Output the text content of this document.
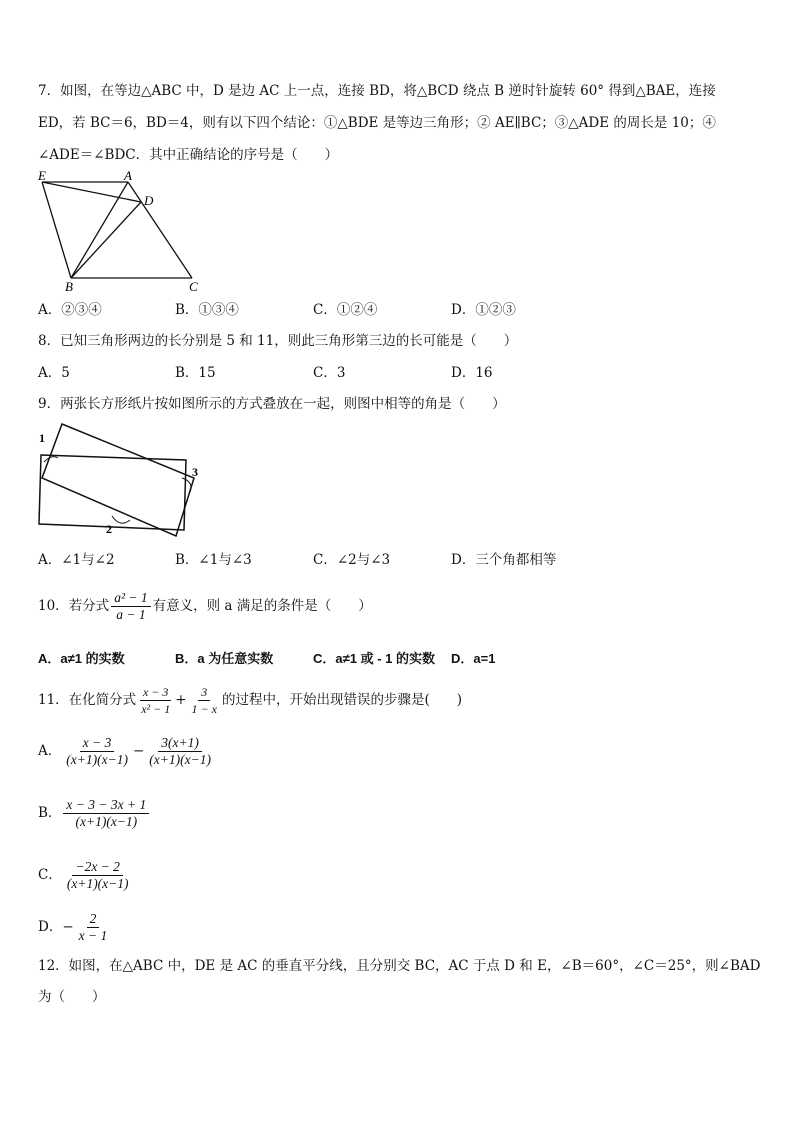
7．如图，在等边△ABC 中，D 是边 AC 上一点，连接 BD，将△BCD 绕点 B 逆时针旋转 60° 得到△BAE，连接
ED，若 BC＝6，BD＝4，则有以下四个结论：①△BDE 是等边三角形；② AE∥BC；③△ADE 的周长是 10；④
∠ADE＝∠BDC．其中正确结论的序号是（　　）
E	A
D
B	C
A．②③④	B．①③④	C．①②④	D．①②③
8．已知三角形两边的长分别是 5 和 11，则此三角形第三边的长可能是（　　）
A．5	B．15	C．3	D．16
9．两张长方形纸片按如图所示的方式叠放在一起，则图中相等的角是（　　）
1
2
3
A．∠1与∠2	B．∠1与∠3	C．∠2与∠3	D．三个角都相等
10．若分式 $\frac{\text{a² − 1}}{a - 1}$ 有意义，则 a 满足的条件是（　　）
A．a≠1 的实数	B．a 为任意实数	C．a≠1 或 - 1 的实数 D．a=1
11．在化简分式 $\frac{x - 3}{\text{x² − 1}} + \frac{3}{1 - x}$ 的过程中，开始出现错误的步骤是(　　)
A． $\frac{x - 3}{(x+1)(x-1)} - \frac{3(x+1)}{(x+1)(x-1)}$
B． $\frac{x - 3 - 3x + 1}{(x+1)(x-1)}$
C． $\frac{-2x - 2}{(x+1)(x-1)}$
D．− $\frac{2}{x - 1}$
12．如图，在△ABC 中，DE 是 AC 的垂直平分线，且分别交 BC，AC 于点 D 和 E，∠B＝60°，∠C＝25°，则∠BAD
为（　　）
